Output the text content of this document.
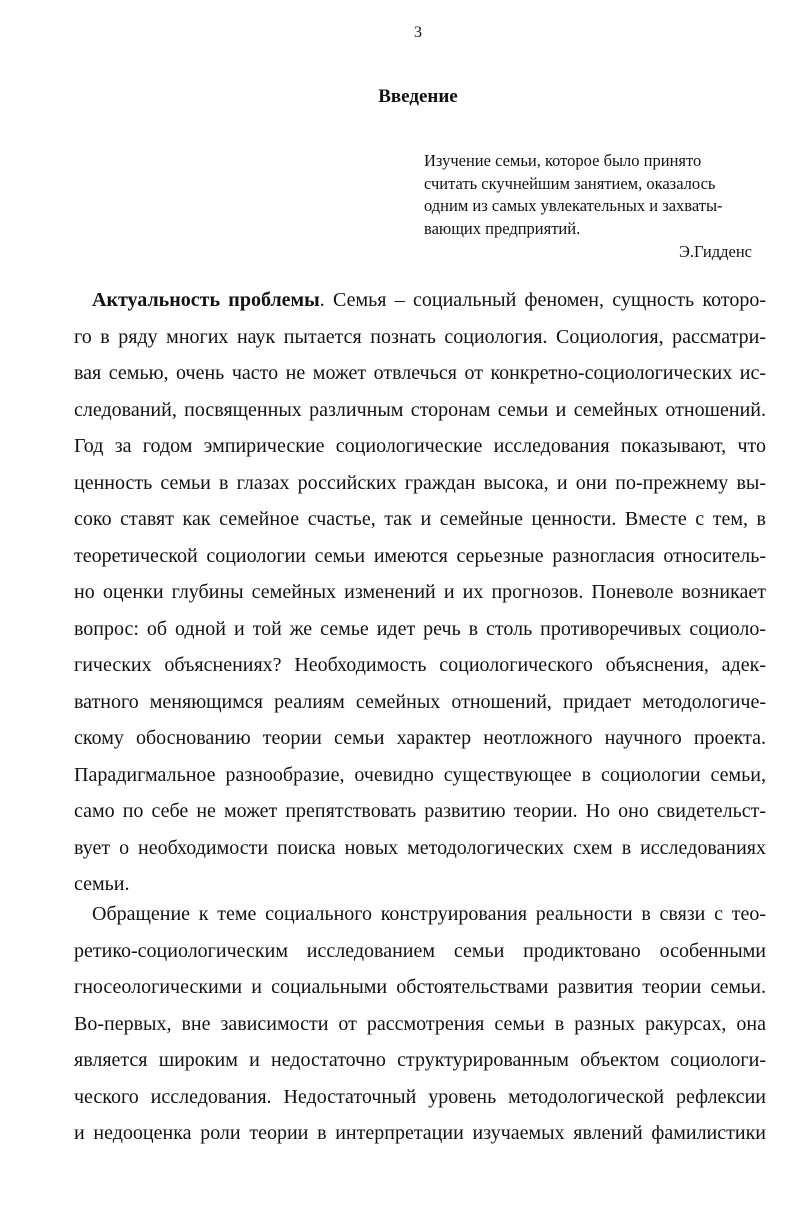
3
Введение
Изучение семьи, которое было принято
считать скучнейшим занятием, оказалось
одним из самых увлекательных и захваты-
вающих предприятий.
Э.Гидденс
Актуальность проблемы. Семья – социальный феномен, сущность которо-
го в ряду многих наук пытается познать социология. Социология, рассматри-
вая семью, очень часто не может отвлечься от конкретно-социологических ис-
следований, посвященных различным сторонам семьи и семейных отношений.
Год за годом эмпирические социологические исследования показывают, что
ценность семьи в глазах российских граждан высока, и они по-прежнему вы-
соко ставят как семейное счастье, так и семейные ценности. Вместе с тем, в
теоретической социологии семьи имеются серьезные разногласия относитель-
но оценки глубины семейных изменений и их прогнозов. Поневоле возникает
вопрос: об одной и той же семье идет речь в столь противоречивых социоло-
гических объяснениях? Необходимость социологического объяснения, адек-
ватного меняющимся реалиям семейных отношений, придает методологиче-
скому обоснованию теории семьи характер неотложного научного проекта.
Парадигмальное разнообразие, очевидно существующее в социологии семьи,
само по себе не может препятствовать развитию теории. Но оно свидетельст-
вует о необходимости поиска новых методологических схем в исследованиях
семьи.
Обращение к теме социального конструирования реальности в связи с тео-
ретико-социологическим исследованием семьи продиктовано особенными
гносеологическими и социальными обстоятельствами развития теории семьи.
Во-первых, вне зависимости от рассмотрения семьи в разных ракурсах, она
является широким и недостаточно структурированным объектом социологи-
ческого исследования. Недостаточный уровень методологической рефлексии
и недооценка роли теории в интерпретации изучаемых явлений фамилистики
